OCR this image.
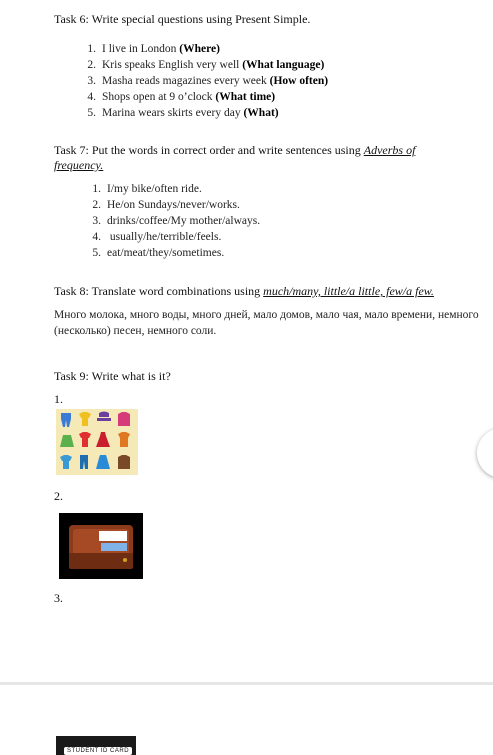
Task 6: Write special questions using Present Simple.
1. I live in London (Where)
2. Kris speaks English very well (What language)
3. Masha reads magazines every week (How often)
4. Shops open at 9 o’clock (What time)
5. Marina wears skirts every day (What)
Task 7: Put the words in correct order and write sentences using Adverbs of frequency.
1. I/my bike/often ride.
2. He/on Sundays/never/works.
3. drinks/coffee/My mother/always.
4. usually/he/terrible/feels.
5. eat/meat/they/sometimes.
Task 8: Translate word combinations using much/many, little/a little, few/a few.
Много молока, много воды, много дней, мало домов, мало чая, мало времени, немного (несколько) песен, немного соли.
Task 9: Write what is it?
1.
2.
3.
STUDENT ID CARD
